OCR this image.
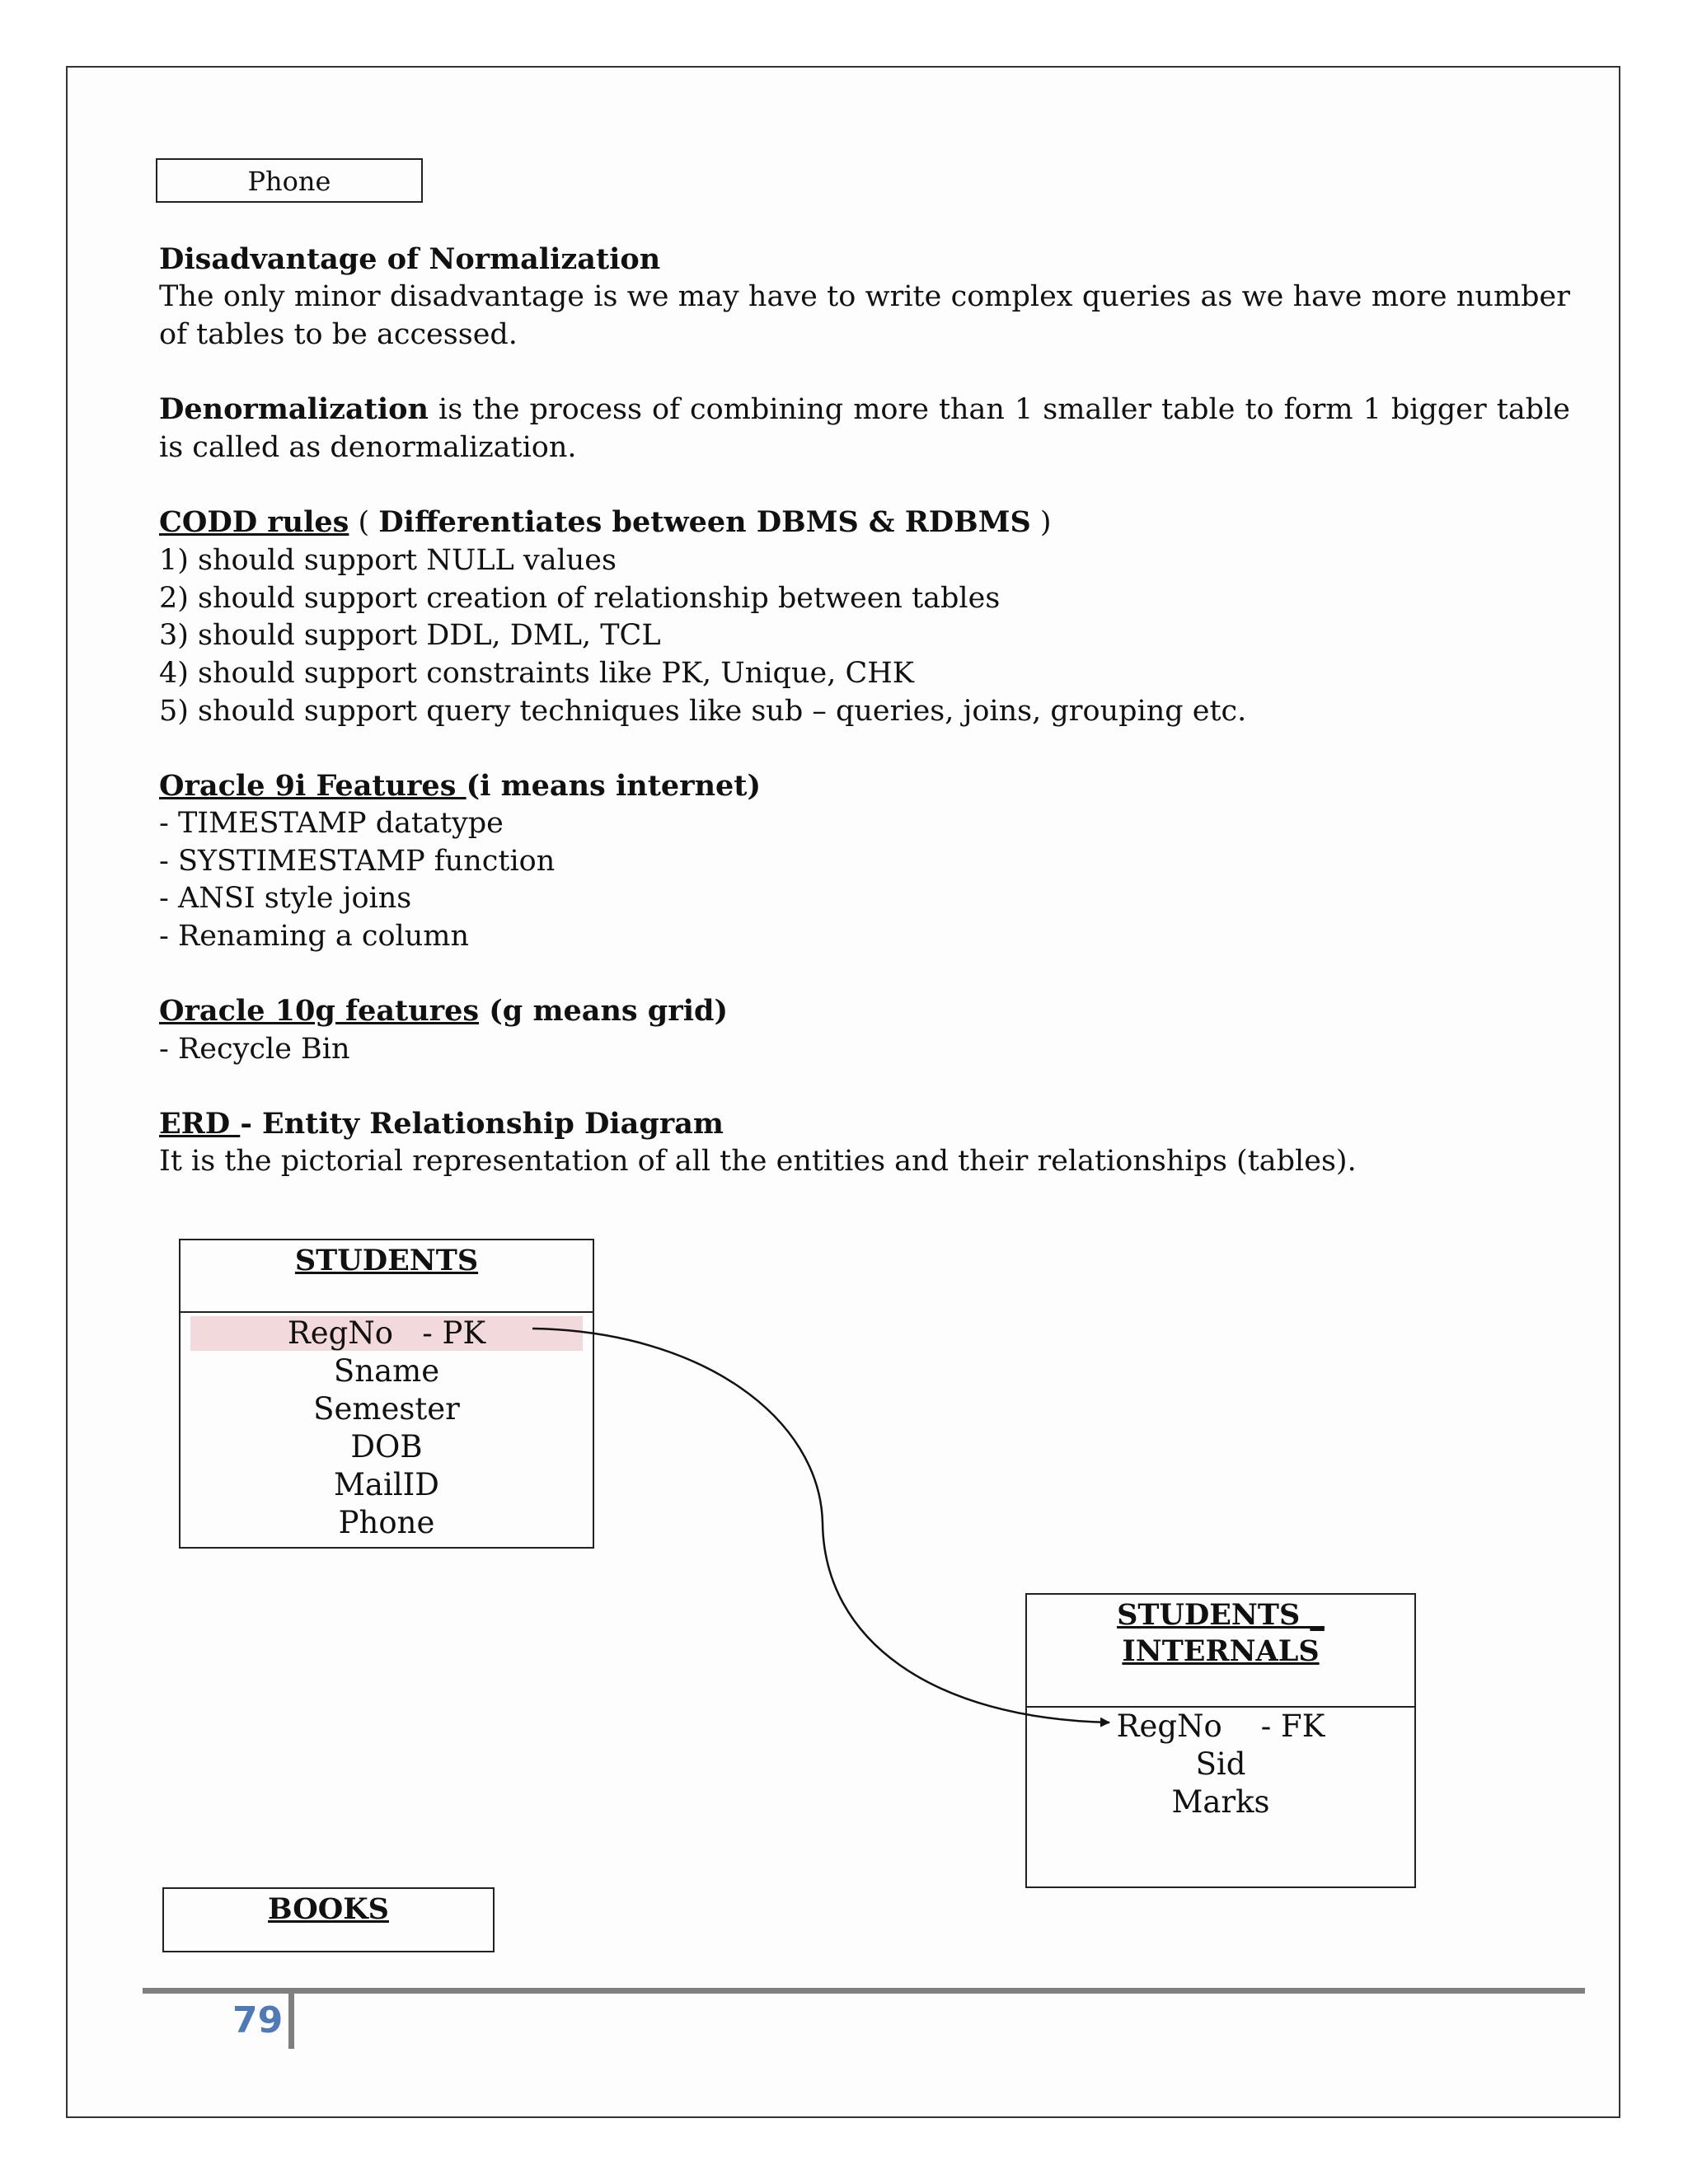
Phone
Disadvantage of Normalization
The only minor disadvantage is we may have to write complex queries as we have more number of tables to be accessed.
Denormalization is the process of combining more than 1 smaller table to form 1 bigger table is called as denormalization.
CODD rules ( Differentiates between DBMS & RDBMS )
1) should support NULL values
2) should support creation of relationship between tables
3) should support DDL, DML, TCL
4) should support constraints like PK, Unique, CHK
5) should support query techniques like sub – queries, joins, grouping etc.
Oracle 9i Features (i means internet)
- TIMESTAMP datatype
- SYSTIMESTAMP function
- ANSI style joins
- Renaming a column
Oracle 10g features (g means grid)
- Recycle Bin
ERD - Entity Relationship Diagram
It is the pictorial representation of all the entities and their relationships (tables).
STUDENTS
RegNo   - PK
Sname
Semester
DOB
MailID
Phone
STUDENTS _
INTERNALS
RegNo    - FK
Sid
Marks
BOOKS
79
